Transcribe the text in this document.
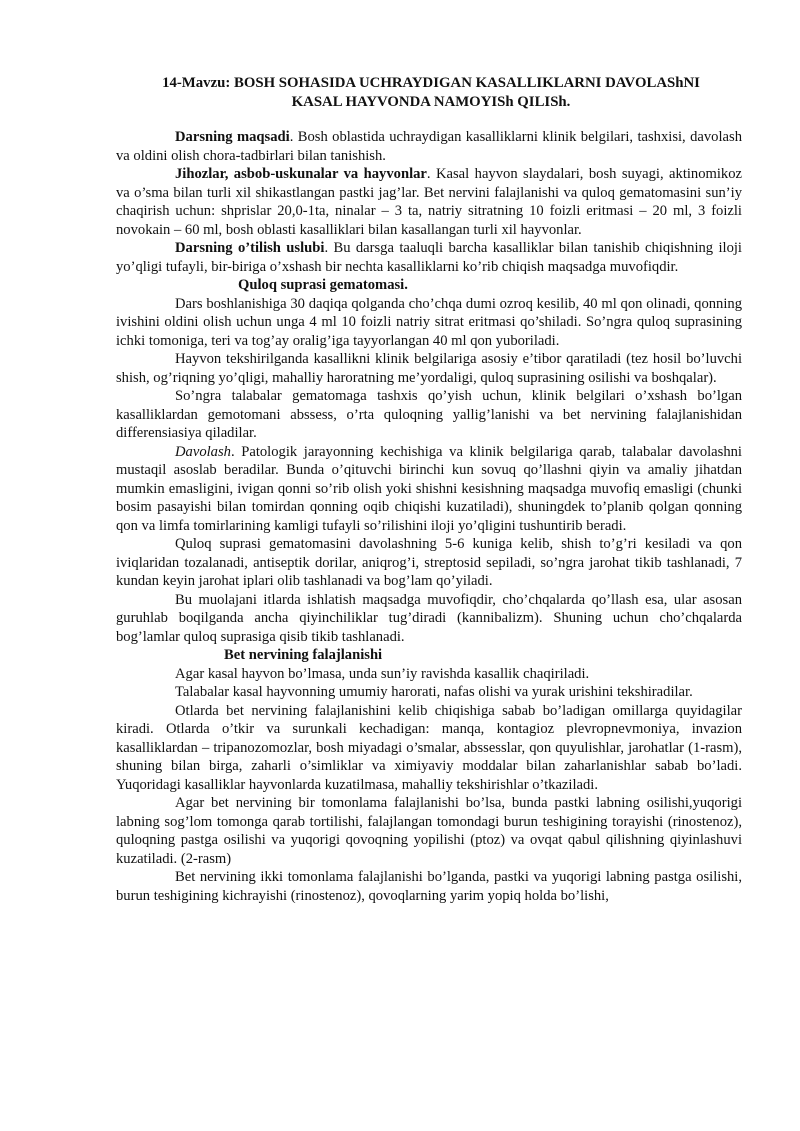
14-Mavzu: BOSH SOHASIDA UCHRAYDIGAN KASALLIKLARNI DAVOLAShNI
KASAL HAYVONDA NAMOYISh QILISh.

Darsning maqsadi. Bosh oblastida uchraydigan kasalliklarni klinik belgilari, tashxisi, davolash va oldini olish chora-tadbirlari bilan tanishish.

Jihozlar, asbob-uskunalar va hayvonlar. Kasal hayvon slaydalari, bosh suyagi, aktinomikoz va o’sma bilan turli xil shikastlangan pastki jag’lar. Bet nervini falajlanishi va quloq gematomasini sun’iy chaqirish uchun: shprislar 20,0-1ta, ninalar – 3 ta, natriy sitratning 10 foizli eritmasi – 20 ml, 3 foizli novokain – 60 ml, bosh oblasti kasalliklari bilan kasallangan turli xil hayvonlar.

Darsning o’tilish uslubi. Bu darsga taaluqli barcha kasalliklar bilan tanishib chiqishning iloji yo’qligi tufayli, bir-biriga o’xshash bir nechta kasalliklarni ko’rib chiqish maqsadga muvofiqdir.

Quloq suprasi gematomasi.

Dars boshlanishiga 30 daqiqa qolganda cho’chqa dumi ozroq kesilib, 40 ml qon olinadi, qonning ivishini oldini olish uchun unga 4 ml 10 foizli natriy sitrat eritmasi qo’shiladi. So’ngra quloq suprasining ichki tomoniga, teri va tog’ay oralig’iga tayyorlangan 40 ml qon yuboriladi.

Hayvon tekshirilganda kasallikni klinik belgilariga asosiy e’tibor qaratiladi (tez hosil bo’luvchi shish, og’riqning yo’qligi, mahalliy haroratning me’yordaligi, quloq suprasining osilishi va boshqalar).

So’ngra talabalar gematomaga tashxis qo’yish uchun, klinik belgilari o’xshash bo’lgan kasalliklardan gemotomani abssess, o’rta quloqning yallig’lanishi va bet nervining falajlanishidan differensiasiya qiladilar.

Davolash. Patologik jarayonning kechishiga va klinik belgilariga qarab, talabalar davolashni mustaqil asoslab beradilar. Bunda o’qituvchi birinchi kun sovuq qo’llashni qiyin va amaliy jihatdan mumkin emasligini, ivigan qonni so’rib olish yoki shishni kesishning maqsadga muvofiq emasligi (chunki bosim pasayishi bilan tomirdan qonning oqib chiqishi kuzatiladi), shuningdek to’planib qolgan qonning qon va limfa tomirlarining kamligi tufayli so’rilishini iloji yo’qligini tushuntirib beradi.

Quloq suprasi gematomasini davolashning 5-6 kuniga kelib, shish to’g’ri kesiladi va qon iviqlaridan tozalanadi, antiseptik dorilar, aniqrog’i, streptosid sepiladi, so’ngra jarohat tikib tashlanadi, 7 kundan keyin jarohat iplari olib tashlanadi va bog’lam qo’yiladi.

Bu muolajani itlarda ishlatish maqsadga muvofiqdir, cho’chqalarda qo’llash esa, ular asosan guruhlab boqilganda ancha qiyinchiliklar tug’diradi (kannibalizm). Shuning uchun cho’chqalarda bog’lamlar quloq suprasiga qisib tikib tashlanadi.

Bet nervining falajlanishi

Agar kasal hayvon bo’lmasa, unda sun’iy ravishda kasallik chaqiriladi.

Talabalar kasal hayvonning umumiy harorati, nafas olishi va yurak urishini tekshiradilar.

Otlarda bet nervining falajlanishini kelib chiqishiga sabab bo’ladigan omillarga quyidagilar kiradi. Otlarda o’tkir va surunkali kechadigan: manqa, kontagioz plevropnevmoniya, invazion kasalliklardan – tripanozomozlar, bosh miyadagi o’smalar, abssesslar, qon quyulishlar, jarohatlar (1-rasm), shuning bilan birga, zaharli o’simliklar va ximiyaviy moddalar bilan zaharlanishlar sabab bo’ladi. Yuqoridagi kasalliklar hayvonlarda kuzatilmasa, mahalliy tekshirishlar o’tkaziladi.

Agar bet nervining bir tomonlama falajlanishi bo’lsa, bunda pastki labning osilishi,yuqorigi labning sog’lom tomonga qarab tortilishi, falajlangan tomondagi burun teshigining torayishi (rinostenoz), quloqning pastga osilishi va yuqorigi qovoqning yopilishi (ptoz) va ovqat qabul qilishning qiyinlashuvi kuzatiladi. (2-rasm)

Bet nervining ikki tomonlama falajlanishi bo’lganda, pastki va yuqorigi labning pastga osilishi, burun teshigining kichrayishi (rinostenoz), qovoqlarning yarim yopiq holda bo’lishi,
